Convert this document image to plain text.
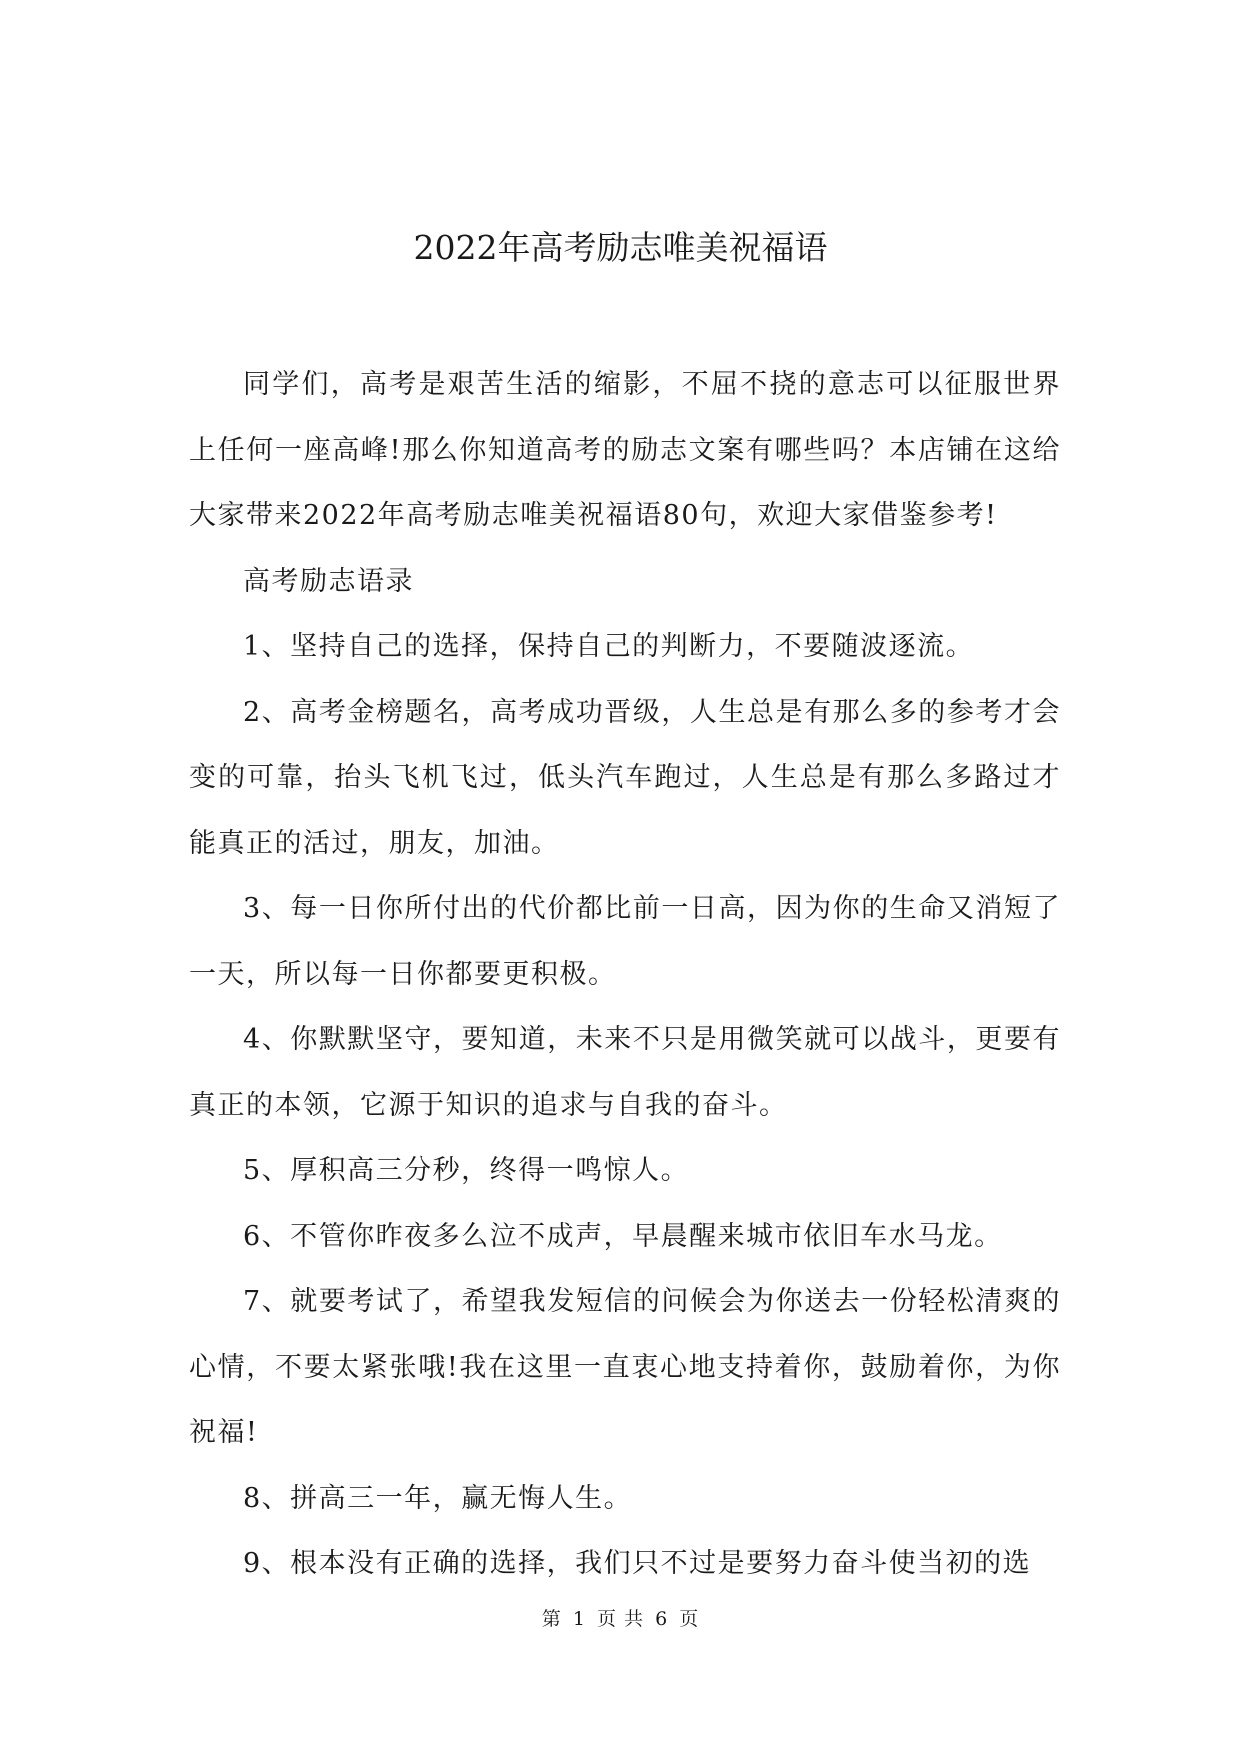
2022年高考励志唯美祝福语

同学们，高考是艰苦生活的缩影，不屈不挠的意志可以征服世界上任何一座高峰!那么你知道高考的励志文案有哪些吗？本店铺在这给大家带来2022年高考励志唯美祝福语80句，欢迎大家借鉴参考!

高考励志语录

1、坚持自己的选择，保持自己的判断力，不要随波逐流。

2、高考金榜题名，高考成功晋级，人生总是有那么多的参考才会变的可靠，抬头飞机飞过，低头汽车跑过，人生总是有那么多路过才能真正的活过，朋友，加油。

3、每一日你所付出的代价都比前一日高，因为你的生命又消短了一天，所以每一日你都要更积极。

4、你默默坚守，要知道，未来不只是用微笑就可以战斗，更要有真正的本领，它源于知识的追求与自我的奋斗。

5、厚积高三分秒，终得一鸣惊人。

6、不管你昨夜多么泣不成声，早晨醒来城市依旧车水马龙。

7、就要考试了，希望我发短信的问候会为你送去一份轻松清爽的心情，不要太紧张哦!我在这里一直衷心地支持着你，鼓励着你，为你祝福!

8、拼高三一年，赢无悔人生。

9、根本没有正确的选择，我们只不过是要努力奋斗使当初的选

第 1 页 共 6 页
